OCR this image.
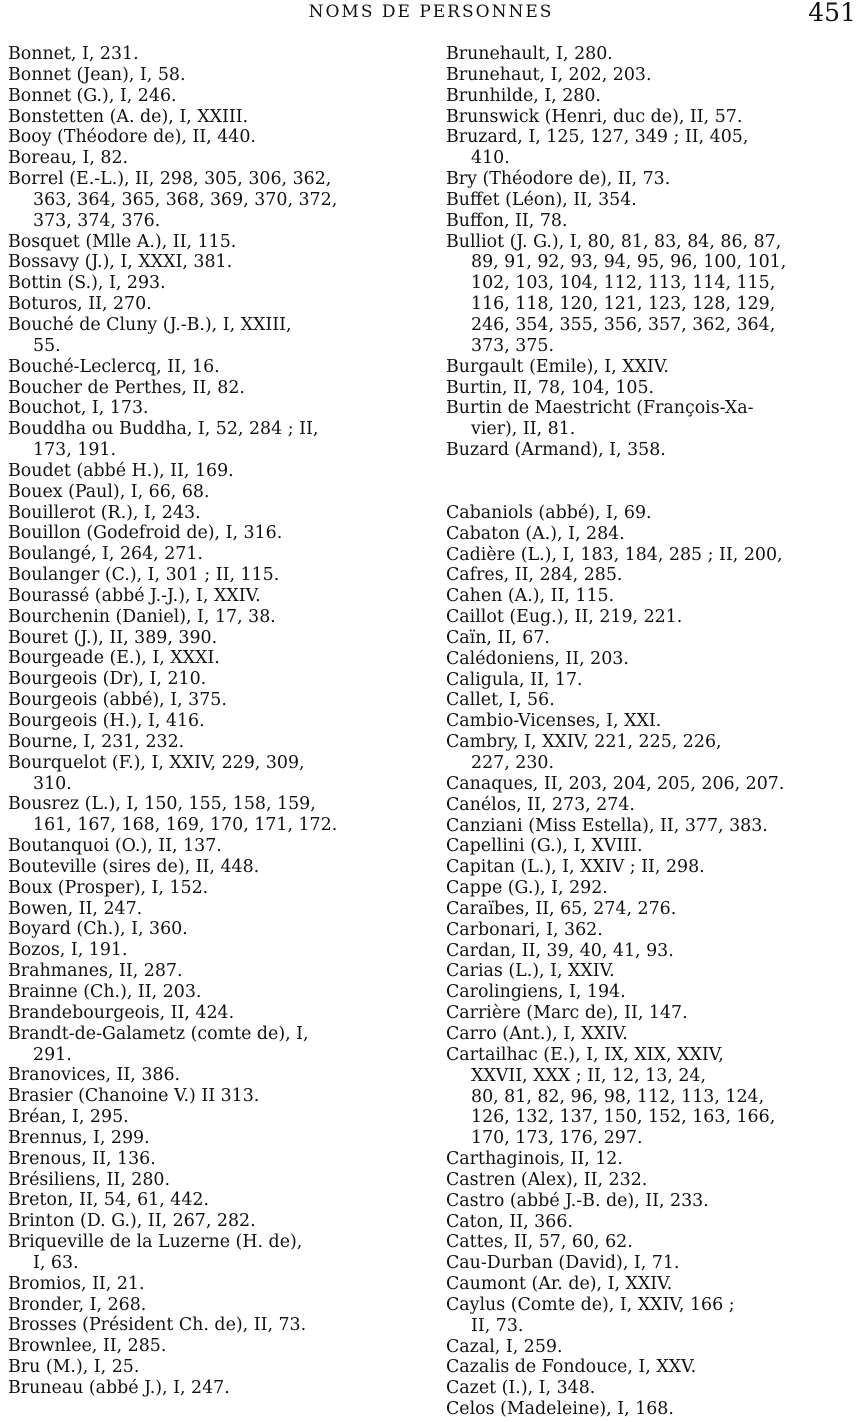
NOMS DE PERSONNES	451
Bonnet, I, 231.
Bonnet (Jean), I, 58.
Bonnet (G.), I, 246.
Bonstetten (A. de), I, XXIII.
Booy (Théodore de), II, 440.
Boreau, I, 82.
Borrel (E.-L.), II, 298, 305, 306, 362,
363, 364, 365, 368, 369, 370, 372,
373, 374, 376.
Bosquet (Mlle A.), II, 115.
Bossavy (J.), I, XXXI, 381.
Bottin (S.), I, 293.
Boturos, II, 270.
Bouché de Cluny (J.-B.), I, XXIII,
55.
Bouché-Leclercq, II, 16.
Boucher de Perthes, II, 82.
Bouchot, I, 173.
Bouddha ou Buddha, I, 52, 284 ; II,
173, 191.
Boudet (abbé H.), II, 169.
Bouex (Paul), I, 66, 68.
Bouillerot (R.), I, 243.
Bouillon (Godefroid de), I, 316.
Boulangé, I, 264, 271.
Boulanger (C.), I, 301 ; II, 115.
Bourassé (abbé J.-J.), I, XXIV.
Bourchenin (Daniel), I, 17, 38.
Bouret (J.), II, 389, 390.
Bourgeade (E.), I, XXXI.
Bourgeois (Dr), I, 210.
Bourgeois (abbé), I, 375.
Bourgeois (H.), I, 416.
Bourne, I, 231, 232.
Bourquelot (F.), I, XXIV, 229, 309,
310.
Bousrez (L.), I, 150, 155, 158, 159,
161, 167, 168, 169, 170, 171, 172.
Boutanquoi (O.), II, 137.
Bouteville (sires de), II, 448.
Boux (Prosper), I, 152.
Bowen, II, 247.
Boyard (Ch.), I, 360.
Bozos, I, 191.
Brahmanes, II, 287.
Brainne (Ch.), II, 203.
Brandebourgeois, II, 424.
Brandt-de-Galametz (comte de), I,
291.
Branovices, II, 386.
Brasier (Chanoine V.) II 313.
Bréan, I, 295.
Brennus, I, 299.
Brenous, II, 136.
Brésiliens, II, 280.
Breton, II, 54, 61, 442.
Brinton (D. G.), II, 267, 282.
Briqueville de la Luzerne (H. de),
I, 63.
Bromios, II, 21.
Bronder, I, 268.
Brosses (Président Ch. de), II, 73.
Brownlee, II, 285.
Bru (M.), I, 25.
Bruneau (abbé J.), I, 247.
Brunehault, I, 280.
Brunehaut, I, 202, 203.
Brunhilde, I, 280.
Brunswick (Henri, duc de), II, 57.
Bruzard, I, 125, 127, 349 ; II, 405,
410.
Bry (Théodore de), II, 73.
Buffet (Léon), II, 354.
Buffon, II, 78.
Bulliot (J. G.), I, 80, 81, 83, 84, 86, 87,
89, 91, 92, 93, 94, 95, 96, 100, 101,
102, 103, 104, 112, 113, 114, 115,
116, 118, 120, 121, 123, 128, 129,
246, 354, 355, 356, 357, 362, 364,
373, 375.
Burgault (Emile), I, XXIV.
Burtin, II, 78, 104, 105.
Burtin de Maestricht (François-Xa-
vier), II, 81.
Buzard (Armand), I, 358.
Cabaniols (abbé), I, 69.
Cabaton (A.), I, 284.
Cadière (L.), I, 183, 184, 285 ; II, 200,
Cafres, II, 284, 285.
Cahen (A.), II, 115.
Caillot (Eug.), II, 219, 221.
Caïn, II, 67.
Calédoniens, II, 203.
Caligula, II, 17.
Callet, I, 56.
Cambio-Vicenses, I, XXI.
Cambry, I, XXIV, 221, 225, 226,
227, 230.
Canaques, II, 203, 204, 205, 206, 207.
Canélos, II, 273, 274.
Canziani (Miss Estella), II, 377, 383.
Capellini (G.), I, XVIII.
Capitan (L.), I, XXIV ; II, 298.
Cappe (G.), I, 292.
Caraïbes, II, 65, 274, 276.
Carbonari, I, 362.
Cardan, II, 39, 40, 41, 93.
Carias (L.), I, XXIV.
Carolingiens, I, 194.
Carrière (Marc de), II, 147.
Carro (Ant.), I, XXIV.
Cartailhac (E.), I, IX, XIX, XXIV,
XXVII, XXX ; II, 12, 13, 24,
80, 81, 82, 96, 98, 112, 113, 124,
126, 132, 137, 150, 152, 163, 166,
170, 173, 176, 297.
Carthaginois, II, 12.
Castren (Alex), II, 232.
Castro (abbé J.-B. de), II, 233.
Caton, II, 366.
Cattes, II, 57, 60, 62.
Cau-Durban (David), I, 71.
Caumont (Ar. de), I, XXIV.
Caylus (Comte de), I, XXIV, 166 ;
II, 73.
Cazal, I, 259.
Cazalis de Fondouce, I, XXV.
Cazet (I.), I, 348.
Celos (Madeleine), I, 168.
